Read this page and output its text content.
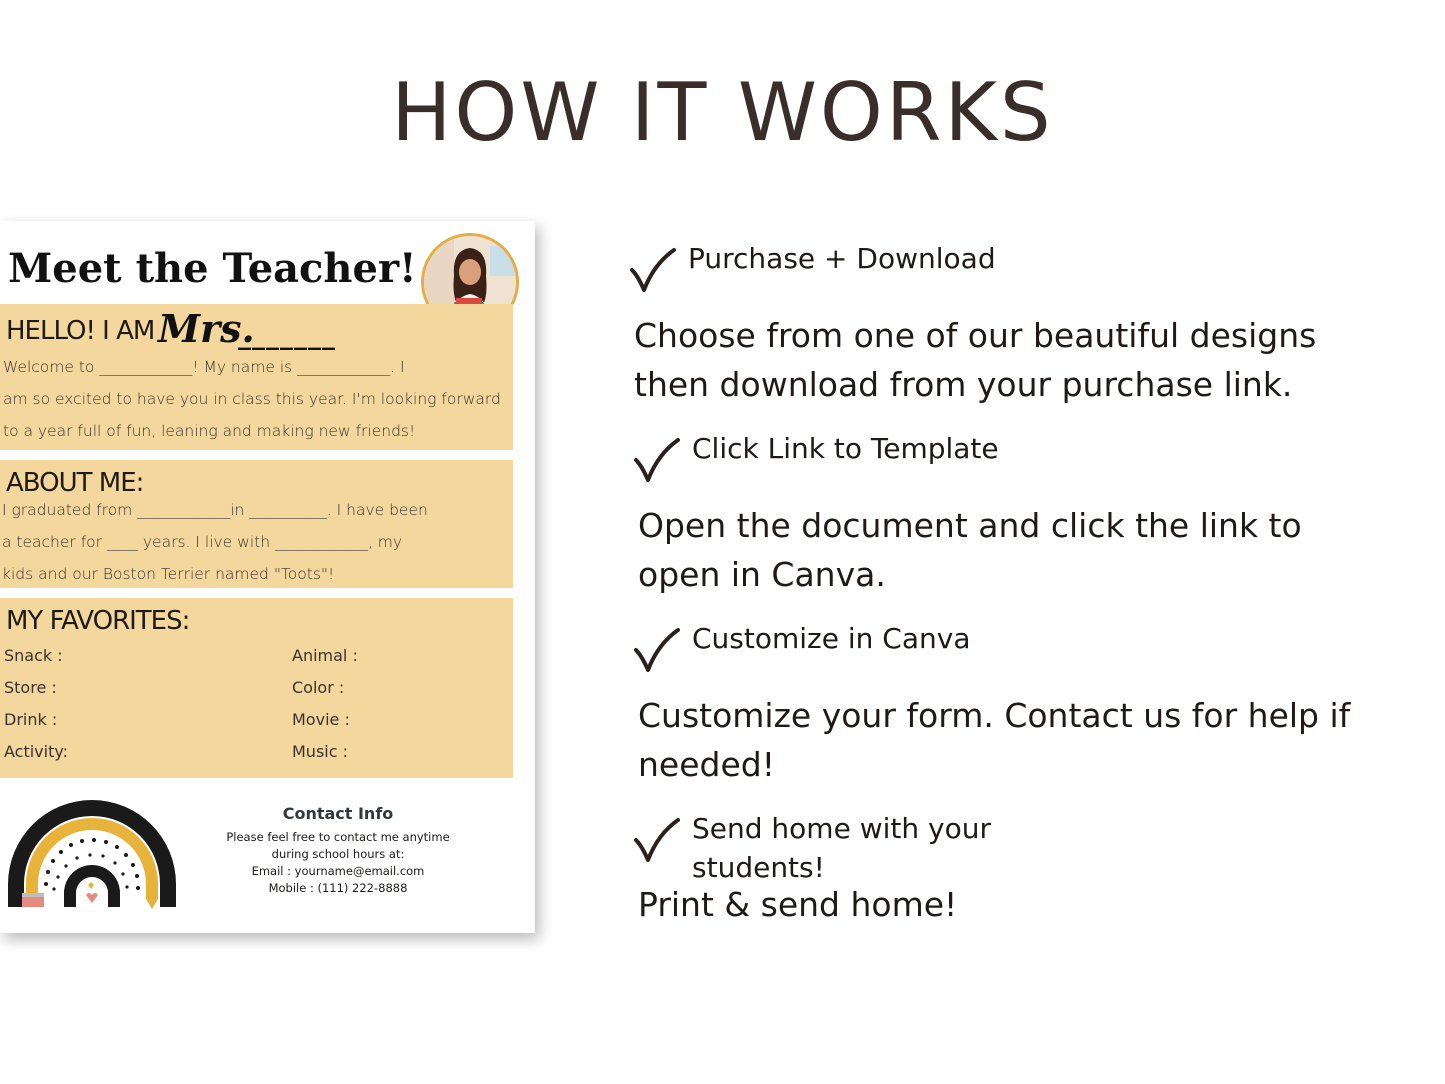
HOW IT WORKS
Meet the Teacher!
HELLO! I AM Mrs.
_______
Welcome to ____________! My name is ____________. I
am so excited to have you in class this year. I'm looking forward
to a year full of fun, leaning and making new friends!
ABOUT ME:
I graduated from ____________in __________. I have been
a teacher for ____ years. I live with ____________, my
kids and our Boston Terrier named "Toots"!
MY FAVORITES:
Snack :
Store :
Drink :
Activity:
Animal :
Color :
Movie :
Music :
Contact Info
Please feel free to contact me anytime
during school hours at:
Email : yourname@email.com
Mobile : (111) 222-8888
Purchase + Download
Choose from one of our beautiful designs
then download from your purchase link.
Click Link to Template
Open the document and click the link to
open in Canva.
Customize in Canva
Customize your form. Contact us for help if
needed!
Send home with your
students!
Print & send home!
